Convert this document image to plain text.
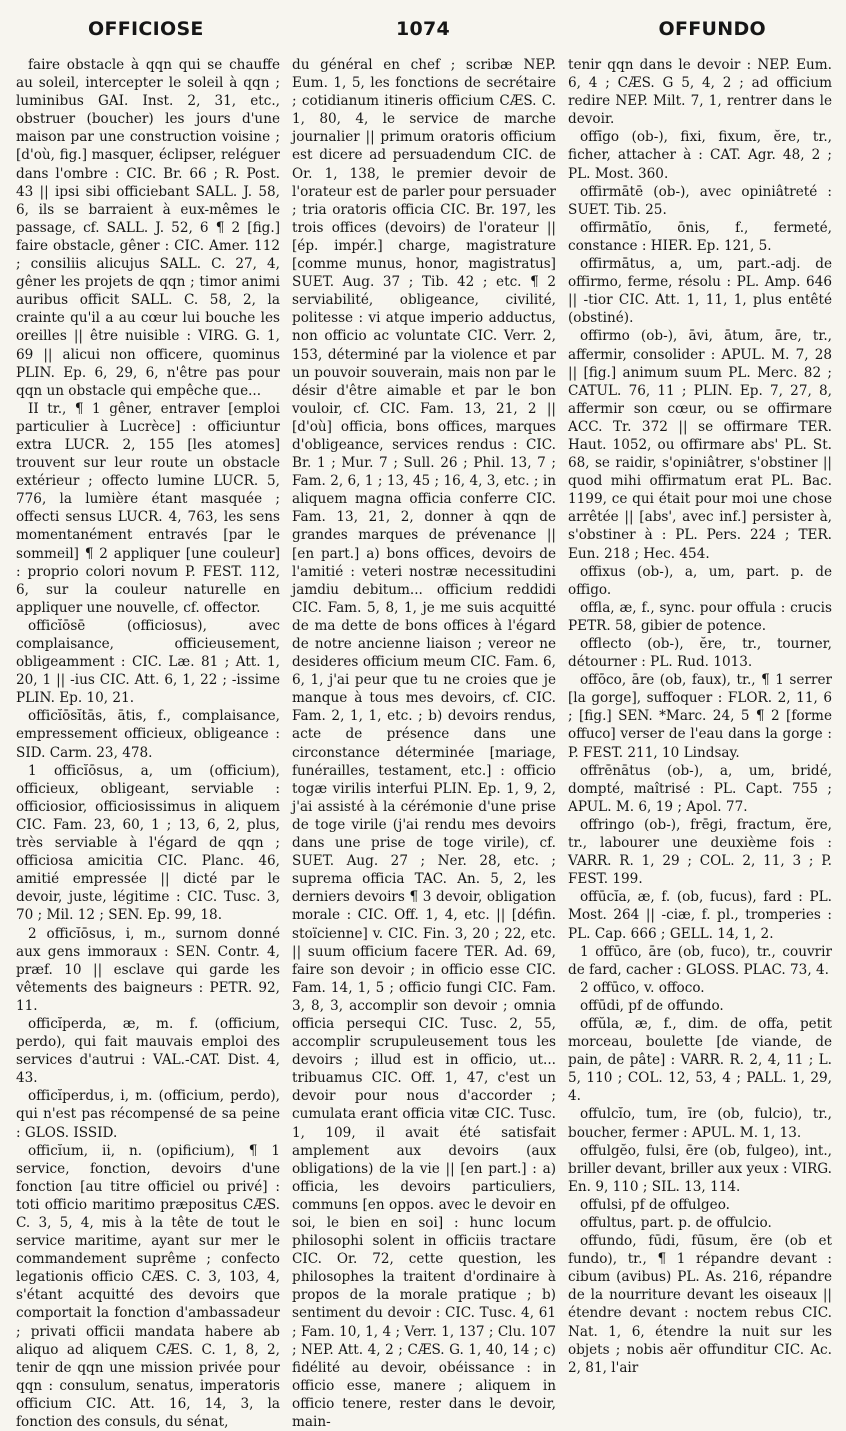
OFFICIOSE	1074	OFFUNDO

faire obstacle à qqn qui se chauffe au soleil, intercepter le soleil à qqn ; luminibus GAI. Inst. 2, 31, etc., obstruer (boucher) les jours d'une maison par une construction voisine ; [d'où, fig.] masquer, éclipser, reléguer dans l'ombre : CIC. Br. 66 ; R. Post. 43 || ipsi sibi officiebant SALL. J. 58, 6, ils se barraient à eux-mêmes le passage, cf. SALL. J. 52, 6 ¶ 2 [fig.] faire obstacle, gêner : CIC. Amer. 112 ; consiliis alicujus SALL. C. 27, 4, gêner les projets de qqn ; timor animi auribus officit SALL. C. 58, 2, la crainte qu'il a au cœur lui bouche les oreilles || être nuisible : VIRG. G. 1, 69 || alicui non officere, quominus PLIN. Ep. 6, 29, 6, n'être pas pour qqn un obstacle qui empêche que...

II tr., ¶ 1 gêner, entraver [emploi particulier à Lucrèce] : officiuntur extra LUCR. 2, 155 [les atomes] trouvent sur leur route un obstacle extérieur ; offecto lumine LUCR. 5, 776, la lumière étant masquée ; offecti sensus LUCR. 4, 763, les sens momentanément entravés [par le sommeil] ¶ 2 appliquer [une couleur] : proprio colori novum P. FEST. 112, 6, sur la couleur naturelle en appliquer une nouvelle, cf. offector.

officĭōsē (officiosus), avec complaisance, officieusement, obligeamment : CIC. Læ. 81 ; Att. 1, 20, 1 || -ius CIC. Att. 6, 1, 22 ; -issime PLIN. Ep. 10, 21.

officĭōsĭtās, ātis, f., complaisance, empressement officieux, obligeance : SID. Carm. 23, 478.

1 officĭōsus, a, um (officium), officieux, obligeant, serviable : officiosior, officiosissimus in aliquem CIC. Fam. 23, 60, 1 ; 13, 6, 2, plus, très serviable à l'égard de qqn ; officiosa amicitia CIC. Planc. 46, amitié empressée || dicté par le devoir, juste, légitime : CIC. Tusc. 3, 70 ; Mil. 12 ; SEN. Ep. 99, 18.

2 officĭōsus, i, m., surnom donné aux gens immoraux : SEN. Contr. 4, præf. 10 || esclave qui garde les vêtements des baigneurs : PETR. 92, 11.

officĭperda, æ, m. f. (officium, perdo), qui fait mauvais emploi des services d'autrui : VAL.-CAT. Dist. 4, 43.

officĭperdus, i, m. (officium, perdo), qui n'est pas récompensé de sa peine : GLOS. ISSID.

officĭum, ii, n. (opificium), ¶ 1 service, fonction, devoirs d'une fonction [au titre officiel ou privé] : toti officio maritimo præpositus CÆS. C. 3, 5, 4, mis à la tête de tout le service maritime, ayant sur mer le commandement suprême ; confecto legationis officio CÆS. C. 3, 103, 4, s'étant acquitté des devoirs que comportait la fonction d'ambassadeur ; privati officii mandata habere ab aliquo ad aliquem CÆS. C. 1, 8, 2, tenir de qqn une mission privée pour qqn : consulum, senatus, imperatoris officium CIC. Att. 16, 14, 3, la fonction des consuls, du sénat,

du général en chef ; scribæ NEP. Eum. 1, 5, les fonctions de secrétaire ; cotidianum itineris officium CÆS. C. 1, 80, 4, le service de marche journalier || primum oratoris officium est dicere ad persuadendum CIC. de Or. 1, 138, le premier devoir de l'orateur est de parler pour persuader ; tria oratoris officia CIC. Br. 197, les trois offices (devoirs) de l'orateur || [ép. impér.] charge, magistrature [comme munus, honor, magistratus] SUET. Aug. 37 ; Tib. 42 ; etc. ¶ 2 serviabilité, obligeance, civilité, politesse : vi atque imperio adductus, non officio ac voluntate CIC. Verr. 2, 153, déterminé par la violence et par un pouvoir souverain, mais non par le désir d'être aimable et par le bon vouloir, cf. CIC. Fam. 13, 21, 2 || [d'où] officia, bons offices, marques d'obligeance, services rendus : CIC. Br. 1 ; Mur. 7 ; Sull. 26 ; Phil. 13, 7 ; Fam. 2, 6, 1 ; 13, 45 ; 16, 4, 3, etc. ; in aliquem magna officia conferre CIC. Fam. 13, 21, 2, donner à qqn de grandes marques de prévenance || [en part.] a) bons offices, devoirs de l'amitié : veteri nostræ necessitudini jamdiu debitum... officium reddidi CIC. Fam. 5, 8, 1, je me suis acquitté de ma dette de bons offices à l'égard de notre ancienne liaison ; vereor ne desideres officium meum CIC. Fam. 6, 6, 1, j'ai peur que tu ne croies que je manque à tous mes devoirs, cf. CIC. Fam. 2, 1, 1, etc. ; b) devoirs rendus, acte de présence dans une circonstance déterminée [mariage, funérailles, testament, etc.] : officio togæ virilis interfui PLIN. Ep. 1, 9, 2, j'ai assisté à la cérémonie d'une prise de toge virile (j'ai rendu mes devoirs dans une prise de toge virile), cf. SUET. Aug. 27 ; Ner. 28, etc. ; suprema officia TAC. An. 5, 2, les derniers devoirs ¶ 3 devoir, obligation morale : CIC. Off. 1, 4, etc. || [défin. stoïcienne] v. CIC. Fin. 3, 20 ; 22, etc. || suum officium facere TER. Ad. 69, faire son devoir ; in officio esse CIC. Fam. 14, 1, 5 ; officio fungi CIC. Fam. 3, 8, 3, accomplir son devoir ; omnia officia persequi CIC. Tusc. 2, 55, accomplir scrupuleusement tous les devoirs ; illud est in officio, ut... tribuamus CIC. Off. 1, 47, c'est un devoir pour nous d'accorder ; cumulata erant officia vitæ CIC. Tusc. 1, 109, il avait été satisfait amplement aux devoirs (aux obligations) de la vie || [en part.] : a) officia, les devoirs particuliers, communs [en oppos. avec le devoir en soi, le bien en soi] : hunc locum philosophi solent in officiis tractare CIC. Or. 72, cette question, les philosophes la traitent d'ordinaire à propos de la morale pratique ; b) sentiment du devoir : CIC. Tusc. 4, 61 ; Fam. 10, 1, 4 ; Verr. 1, 137 ; Clu. 107 ; NEP. Att. 4, 2 ; CÆS. G. 1, 40, 14 ; c) fidélité au devoir, obéissance : in officio esse, manere ; aliquem in officio tenere, rester dans le devoir, main-

tenir qqn dans le devoir : NEP. Eum. 6, 4 ; CÆS. G 5, 4, 2 ; ad officium redire NEP. Milt. 7, 1, rentrer dans le devoir.

offīgo (ob-), fixi, fixum, ĕre, tr., ficher, attacher à : CAT. Agr. 48, 2 ; PL. Most. 360.

offirmātē (ob-), avec opiniâtreté : SUET. Tib. 25.

offirmātĭo, ōnis, f., fermeté, constance : HIER. Ep. 121, 5.

offirmātus, a, um, part.-adj. de offirmo, ferme, résolu : PL. Amp. 646 || -tior CIC. Att. 1, 11, 1, plus entêté (obstiné).

offirmo (ob-), āvi, ātum, āre, tr., affermir, consolider : APUL. M. 7, 28 || [fig.] animum suum PL. Merc. 82 ; CATUL. 76, 11 ; PLIN. Ep. 7, 27, 8, affermir son cœur, ou se offirmare ACC. Tr. 372 || se offirmare TER. Haut. 1052, ou offirmare abs' PL. St. 68, se raidir, s'opiniâtrer, s'obstiner || quod mihi offirmatum erat PL. Bac. 1199, ce qui était pour moi une chose arrêtée || [abs', avec inf.] persister à, s'obstiner à : PL. Pers. 224 ; TER. Eun. 218 ; Hec. 454.

offixus (ob-), a, um, part. p. de offigo.

offla, æ, f., sync. pour offula : crucis PETR. 58, gibier de potence.

offlecto (ob-), ĕre, tr., tourner, détourner : PL. Rud. 1013.

offōco, āre (ob, faux), tr., ¶ 1 serrer [la gorge], suffoquer : FLOR. 2, 11, 6 ; [fig.] SEN. *Marc. 24, 5 ¶ 2 [forme offuco] verser de l'eau dans la gorge : P. FEST. 211, 10 Lindsay.

offrēnātus (ob-), a, um, bridé, dompté, maîtrisé : PL. Capt. 755 ; APUL. M. 6, 19 ; Apol. 77.

offringo (ob-), frēgi, fractum, ĕre, tr., labourer une deuxième fois : VARR. R. 1, 29 ; COL. 2, 11, 3 ; P. FEST. 199.

offūcĭa, æ, f. (ob, fucus), fard : PL. Most. 264 || -ciæ, f. pl., tromperies : PL. Cap. 666 ; GELL. 14, 1, 2.

1 offūco, āre (ob, fuco), tr., couvrir de fard, cacher : GLOSS. PLAC. 73, 4.

2 offūco, v. offoco.

offūdi, pf de offundo.

offŭla, æ, f., dim. de offa, petit morceau, boulette [de viande, de pain, de pâte] : VARR. R. 2, 4, 11 ; L. 5, 110 ; COL. 12, 53, 4 ; PALL. 1, 29, 4.

offulcĭo, tum, īre (ob, fulcio), tr., boucher, fermer : APUL. M. 1, 13.

offulgĕo, fulsi, ēre (ob, fulgeo), int., briller devant, briller aux yeux : VIRG. En. 9, 110 ; SIL. 13, 114.

offulsi, pf de offulgeo.

offultus, part. p. de offulcio.

offundo, fūdi, fūsum, ĕre (ob et fundo), tr., ¶ 1 répandre devant : cibum (avibus) PL. As. 216, répandre de la nourriture devant les oiseaux || étendre devant : noctem rebus CIC. Nat. 1, 6, étendre la nuit sur les objets ; nobis aër offunditur CIC. Ac. 2, 81, l'air
